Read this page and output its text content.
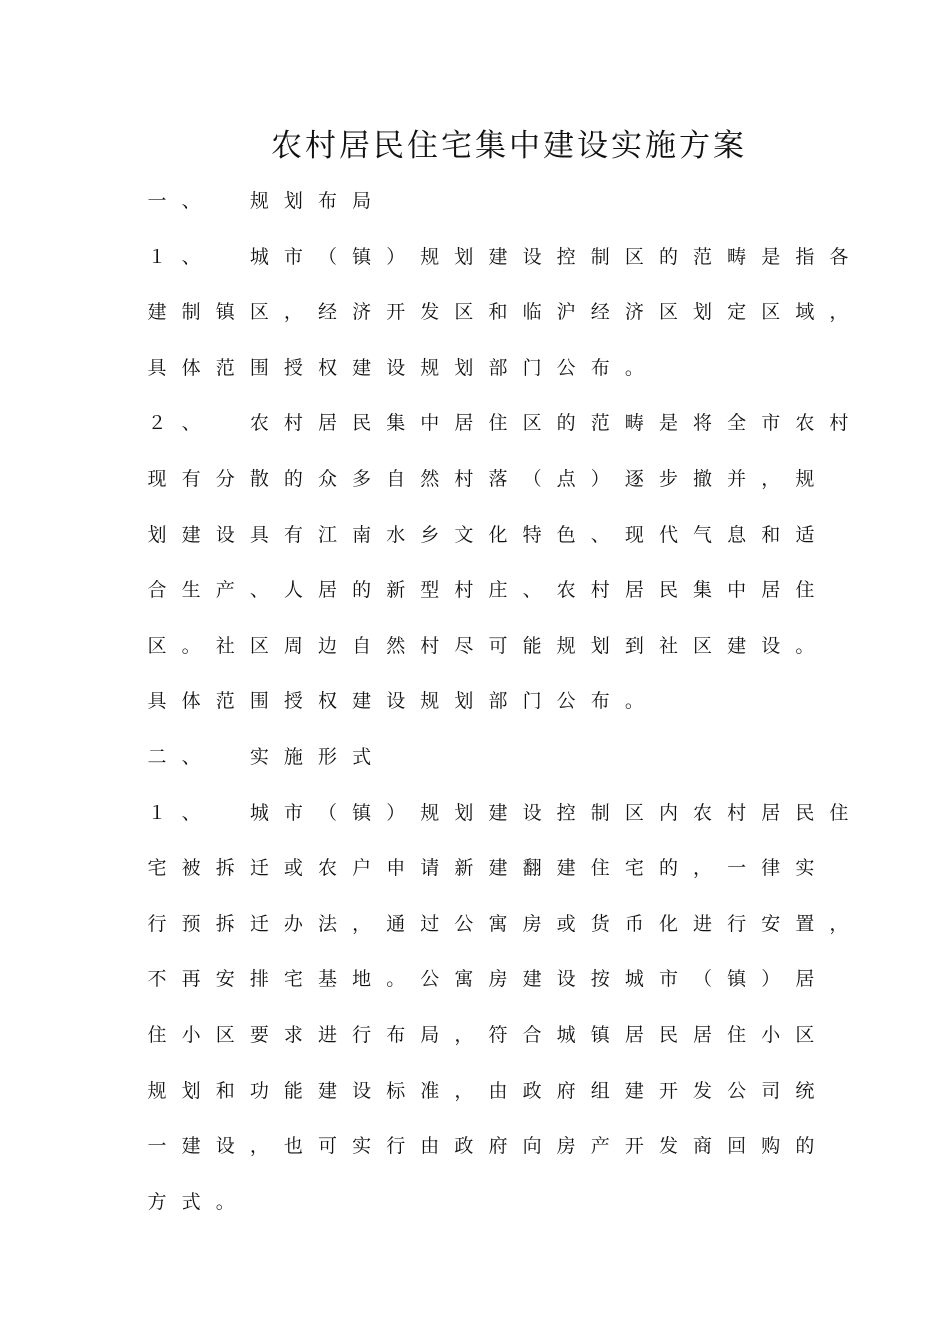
农村居民住宅集中建设实施方案
一 、　	规 划 布 局
１ 、　	城 市 （ 镇 ） 规 划 建 设 控 制 区 的 范 畴 是 指 各
建 制 镇 区 ， 经 济 开 发 区 和 临 沪 经 济 区 划 定 区 域 ，
具 体 范 围 授 权 建 设 规 划 部 门 公 布 。
２ 、　	农 村 居 民 集 中 居 住 区 的 范 畴 是 将 全 市 农 村
现 有 分 散 的 众 多 自 然 村 落 （ 点 ） 逐 步 撤 并 ， 规
划 建 设 具 有 江 南 水 乡 文 化 特 色 、 现 代 气 息 和 适
合 生 产 、 人 居 的 新 型 村 庄 、 农 村 居 民 集 中 居 住
区 。 社 区 周 边 自 然 村 尽 可 能 规 划 到 社 区 建 设 。
具 体 范 围 授 权 建 设 规 划 部 门 公 布 。
二 、　	实 施 形 式
１ 、　	城 市 （ 镇 ） 规 划 建 设 控 制 区 内 农 村 居 民 住
宅 被 拆 迁 或 农 户 申 请 新 建 翻 建 住 宅 的 ， 一 律 实
行 预 拆 迁 办 法 ， 通 过 公 寓 房 或 货 币 化 进 行 安 置 ，
不 再 安 排 宅 基 地 。 公 寓 房 建 设 按 城 市 （ 镇 ） 居
住 小 区 要 求 进 行 布 局 ， 符 合 城 镇 居 民 居 住 小 区
规 划 和 功 能 建 设 标 准 ， 由 政 府 组 建 开 发 公 司 统
一 建 设 ， 也 可 实 行 由 政 府 向 房 产 开 发 商 回 购 的
方 式 。
